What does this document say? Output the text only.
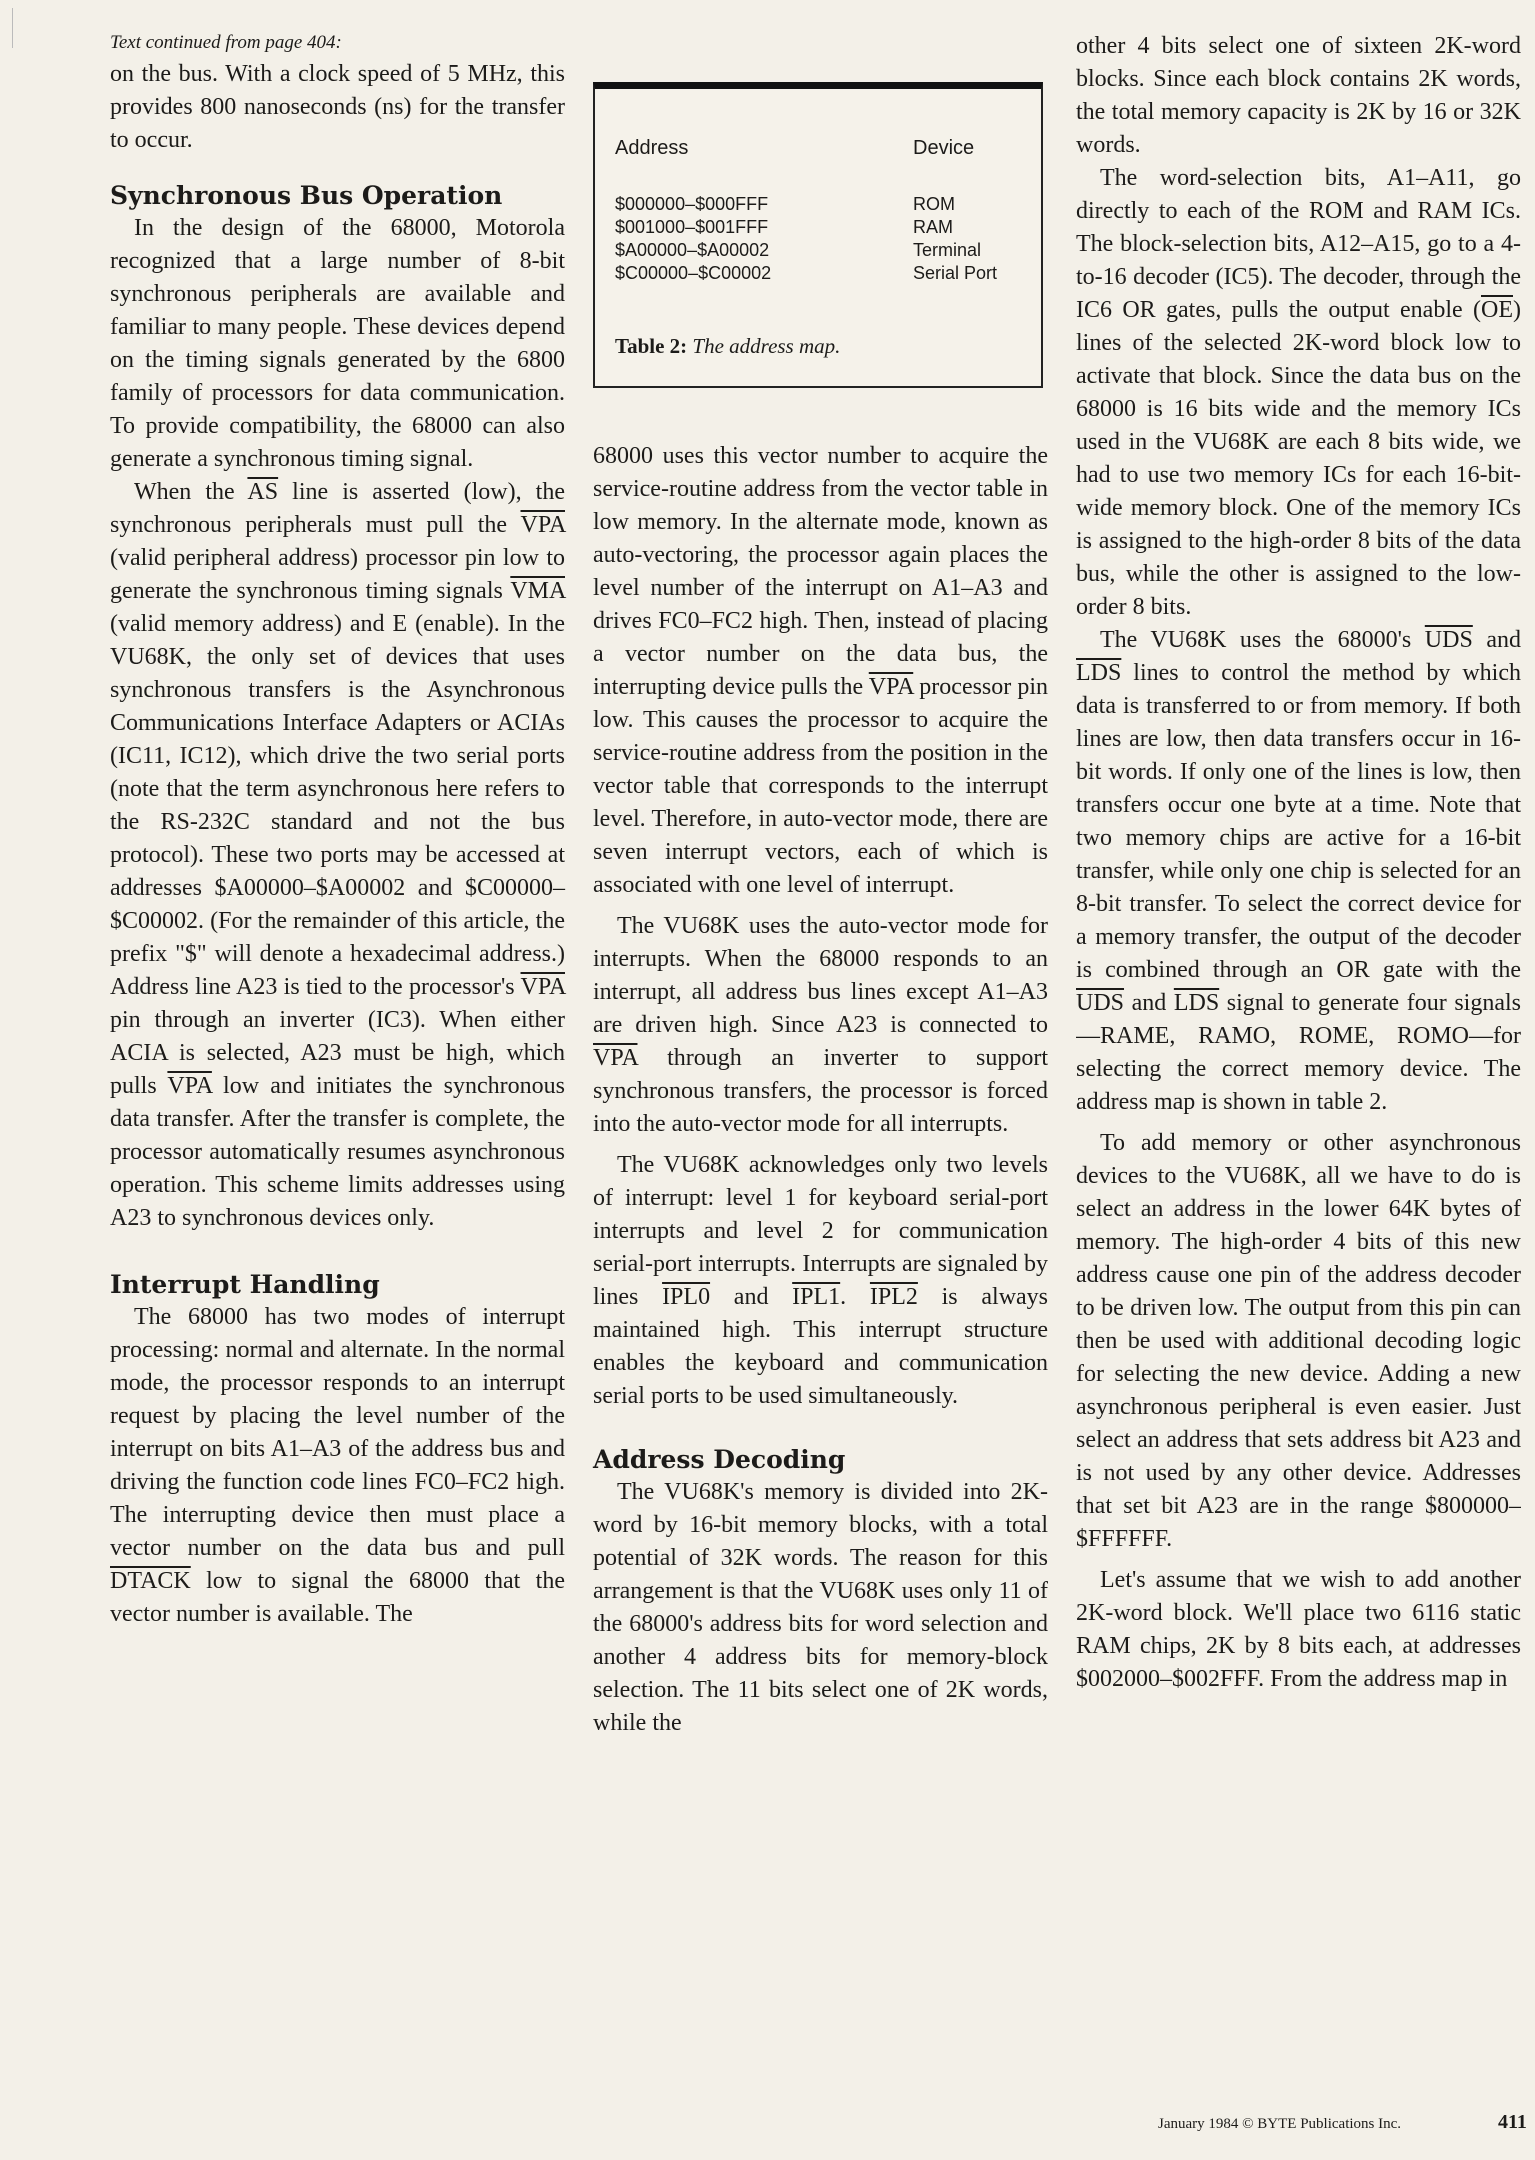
Text continued from page 404:

on the bus. With a clock speed of 5 MHz, this provides 800 nanoseconds (ns) for the transfer to occur.

Synchronous Bus Operation

In the design of the 68000, Motorola recognized that a large number of 8-bit synchronous peripherals are available and familiar to many people. These devices depend on the timing signals generated by the 6800 family of processors for data communication. To provide compatibility, the 68000 can also generate a synchronous timing signal.

When the $\overline{AS}$ line is asserted (low), the synchronous peripherals must pull the $\overline{VPA}$ (valid peripheral address) processor pin low to generate the synchronous timing signals $\overline{VMA}$ (valid memory address) and E (enable). In the VU68K, the only set of devices that uses synchronous transfers is the Asynchronous Communications Interface Adapters or ACIAs (IC11, IC12), which drive the two serial ports (note that the term asynchronous here refers to the RS-232C standard and not the bus protocol). These two ports may be accessed at addresses $A00000–$A00002 and $C00000–$C00002. (For the remainder of this article, the prefix "$" will denote a hexadecimal address.) Address line A23 is tied to the processor's $\overline{VPA}$ pin through an inverter (IC3). When either ACIA is selected, A23 must be high, which pulls $\overline{VPA}$ low and initiates the synchronous data transfer. After the transfer is complete, the processor automatically resumes asynchronous operation. This scheme limits addresses using A23 to synchronous devices only.

Interrupt Handling

The 68000 has two modes of interrupt processing: normal and alternate. In the normal mode, the processor responds to an interrupt request by placing the level number of the interrupt on bits A1–A3 of the address bus and driving the function code lines FC0–FC2 high. The interrupting device then must place a vector number on the data bus and pull DTACK low to signal the 68000 that the vector number is available. The

Address	Device
$000000–$000FFF	ROM
$001000–$001FFF	RAM
$A00000–$A00002	Terminal
$C00000–$C00002	Serial Port
Table 2: The address map.

68000 uses this vector number to acquire the service-routine address from the vector table in low memory. In the alternate mode, known as auto-vectoring, the processor again places the level number of the interrupt on A1–A3 and drives FC0–FC2 high. Then, instead of placing a vector number on the data bus, the interrupting device pulls the $\overline{VPA}$ processor pin low. This causes the processor to acquire the service-routine address from the position in the vector table that corresponds to the interrupt level. Therefore, in auto-vector mode, there are seven interrupt vectors, each of which is associated with one level of interrupt.

The VU68K uses the auto-vector mode for interrupts. When the 68000 responds to an interrupt, all address bus lines except A1–A3 are driven high. Since A23 is connected to $\overline{VPA}$ through an inverter to support synchronous transfers, the processor is forced into the auto-vector mode for all interrupts.

The VU68K acknowledges only two levels of interrupt: level 1 for keyboard serial-port interrupts and level 2 for communication serial-port interrupts. Interrupts are signaled by lines IPL0 and IPL1. IPL2 is always maintained high. This interrupt structure enables the keyboard and communication serial ports to be used simultaneously.

Address Decoding

The VU68K's memory is divided into 2K-word by 16-bit memory blocks, with a total potential of 32K words. The reason for this arrangement is that the VU68K uses only 11 of the 68000's address bits for word selection and another 4 address bits for memory-block selection. The 11 bits select one of 2K words, while the

other 4 bits select one of sixteen 2K-word blocks. Since each block contains 2K words, the total memory capacity is 2K by 16 or 32K words.

The word-selection bits, A1–A11, go directly to each of the ROM and RAM ICs. The block-selection bits, A12–A15, go to a 4-to-16 decoder (IC5). The decoder, through the IC6 OR gates, pulls the output enable $(\overline{OE})$ lines of the selected 2K-word block low to activate that block. Since the data bus on the 68000 is 16 bits wide and the memory ICs used in the VU68K are each 8 bits wide, we had to use two memory ICs for each 16-bit-wide memory block. One of the memory ICs is assigned to the high-order 8 bits of the data bus, while the other is assigned to the low-order 8 bits.

The VU68K uses the 68000's $\overline{UDS}$ and $\overline{LDS}$ lines to control the method by which data is transferred to or from memory. If both lines are low, then data transfers occur in 16-bit words. If only one of the lines is low, then transfers occur one byte at a time. Note that two memory chips are active for a 16-bit transfer, while only one chip is selected for an 8-bit transfer. To select the correct device for a memory transfer, the output of the decoder is combined through an OR gate with the $\overline{UDS}$ and $\overline{LDS}$ signal to generate four signals—RAME, RAMO, ROME, ROMO—for selecting the correct memory device. The address map is shown in table 2.

To add memory or other asynchronous devices to the VU68K, all we have to do is select an address in the lower 64K bytes of memory. The high-order 4 bits of this new address cause one pin of the address decoder to be driven low. The output from this pin can then be used with additional decoding logic for selecting the new device. Adding a new asynchronous peripheral is even easier. Just select an address that sets address bit A23 and is not used by any other device. Addresses that set bit A23 are in the range $800000–$FFFFFF.

Let's assume that we wish to add another 2K-word block. We'll place two 6116 static RAM chips, 2K by 8 bits each, at addresses $002000–$002FFF. From the address map in

January 1984 © BYTE Publications Inc.	411
